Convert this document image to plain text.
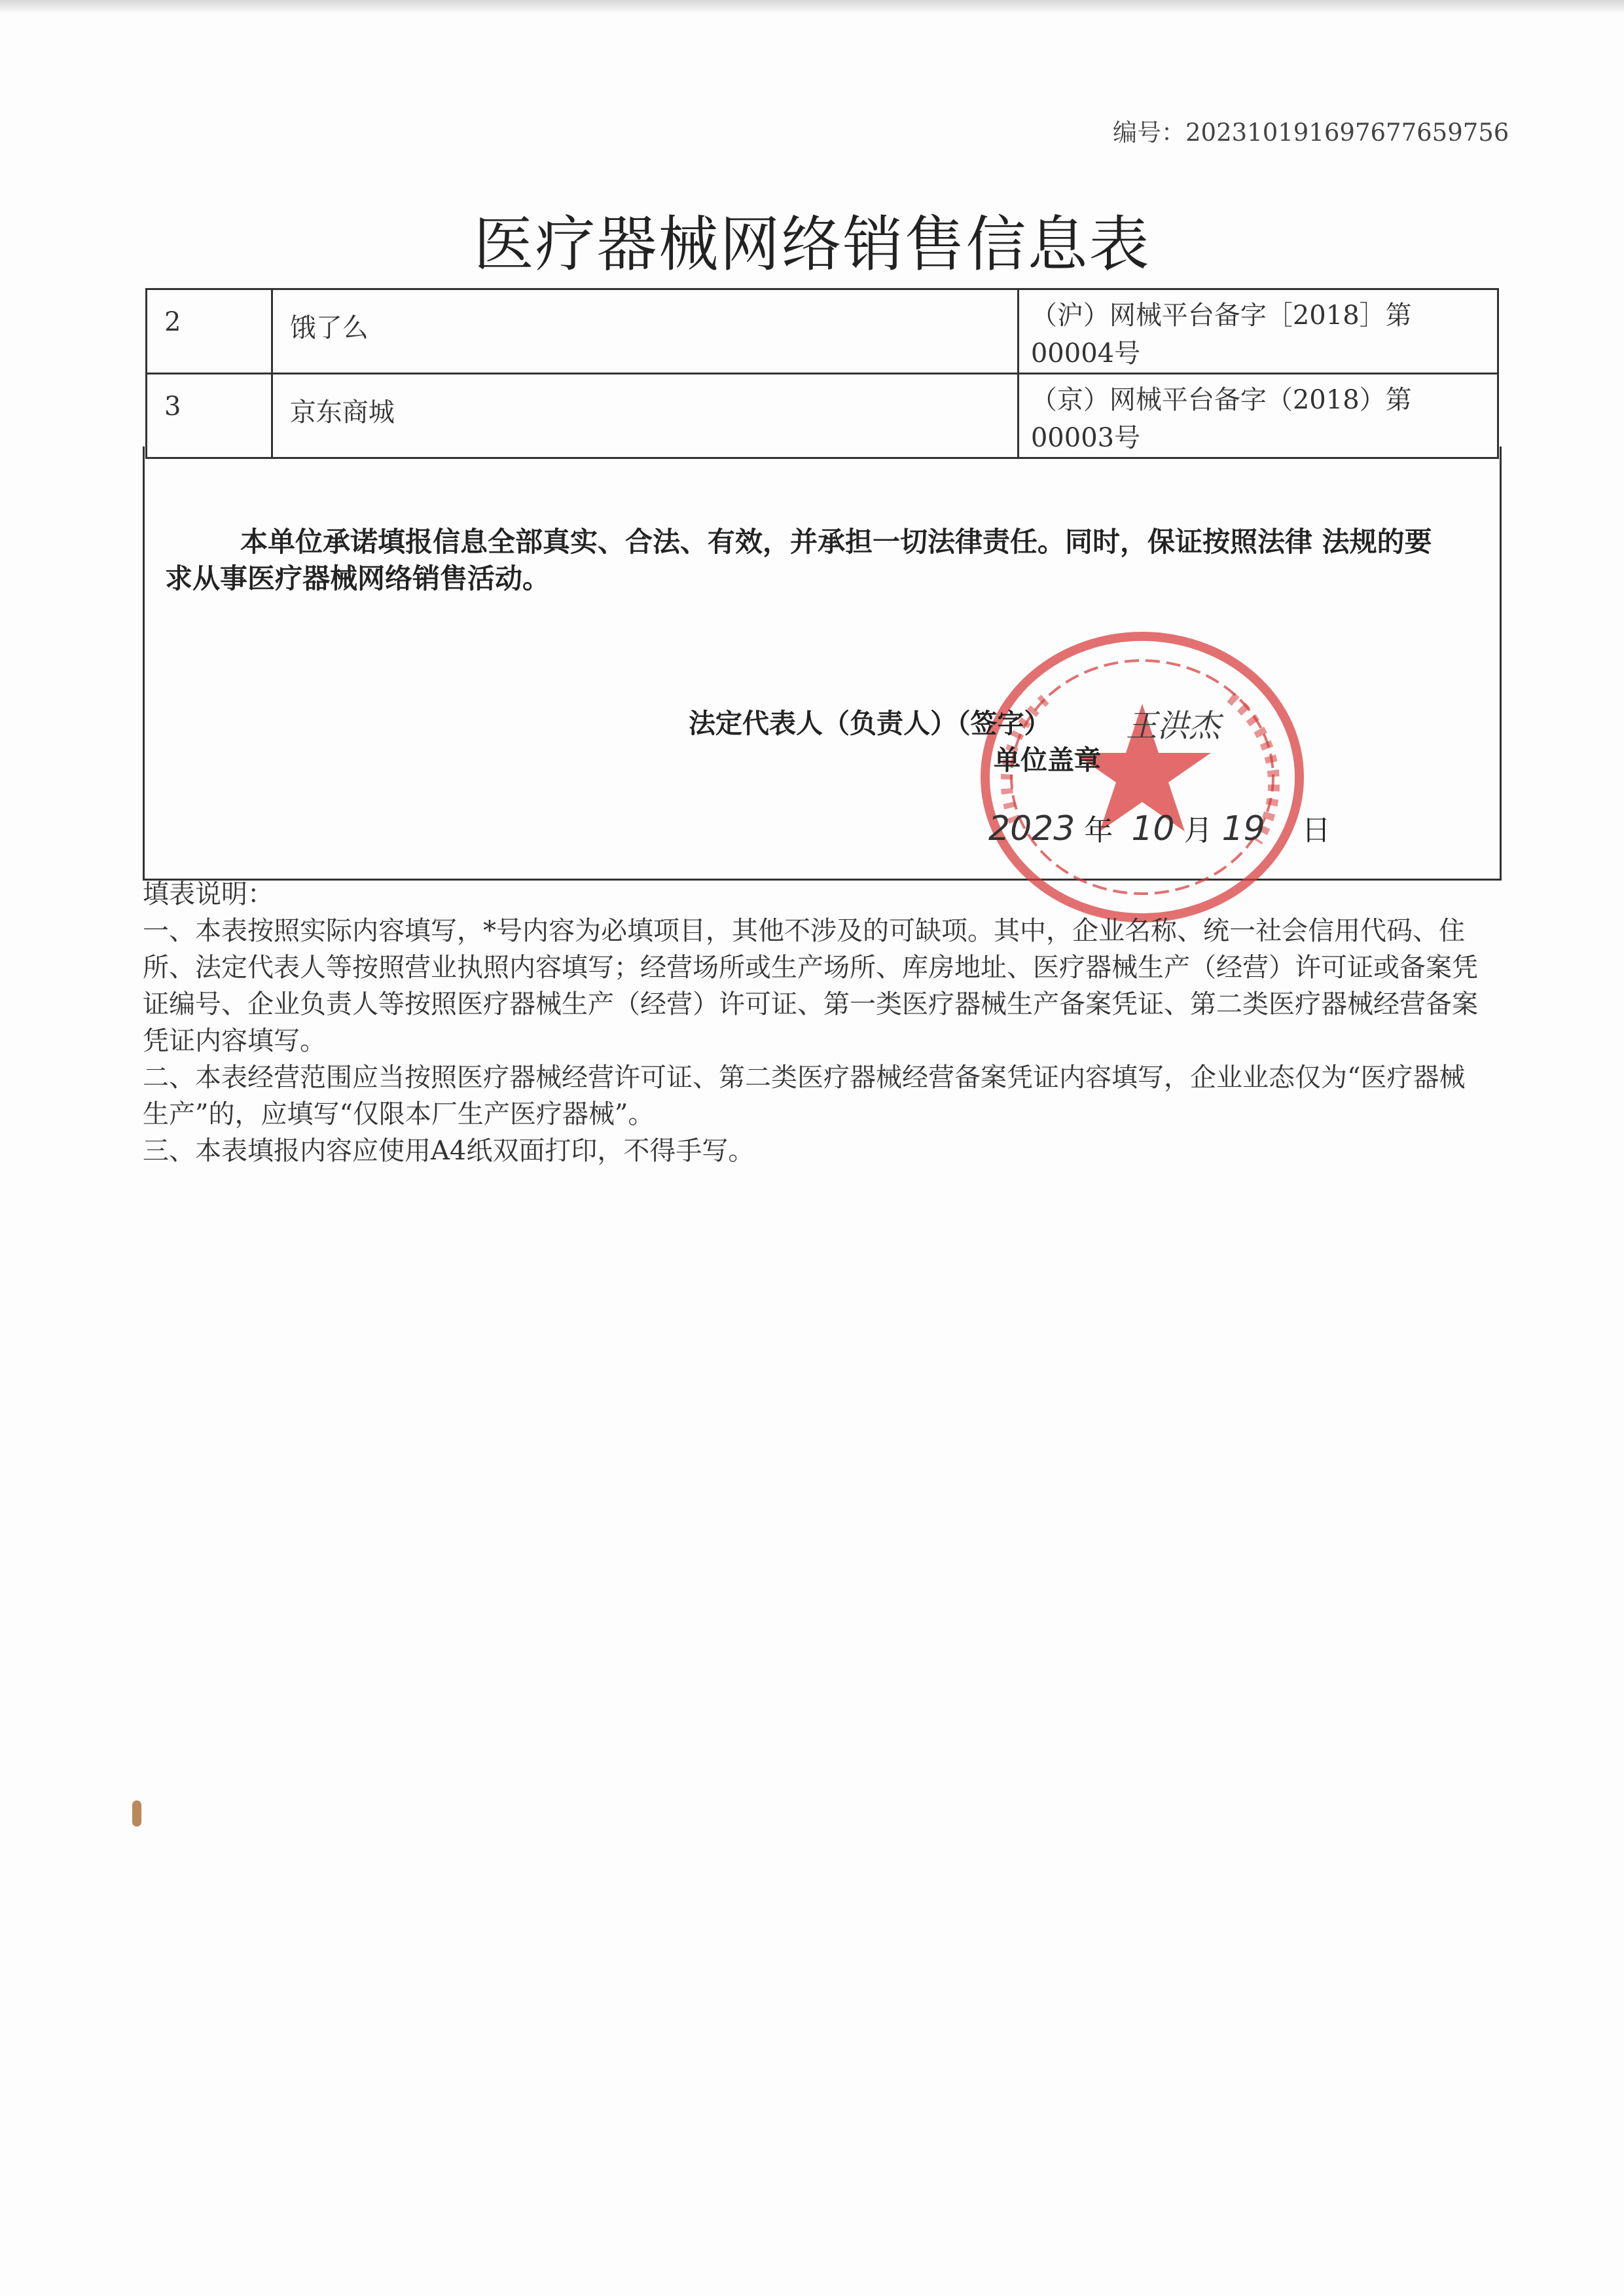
编号：20231019169767765975​6
医疗器械网络销售信息表
2	饿了么	（沪）网械平台备字［2018］第
00004号

3	京东商城	（京）网械平台备字（2018）第
00003号
本单位承诺填报信息全部真实、合法、有效，并承担一切法律责任。同时，保证按照法律 法规的要求从事医疗器械网络销售活动。
法定代表人（负责人）（签字） 王洪杰
单位盖章
2023 年 10 月 19 日

填表说明：

一、本表按照实际内容填写，*号内容为必填项目，其他不涉及的可缺项。其中，企业名称、统一社会信用代码、住所、法定代表人等按照营业执照内容填写；经营场所或生产场所、库房地址、医疗器械生产（经营）许可证或备案凭证编号、企业负责人等按照医疗器械生产（经营）许可证、第一类医疗器械生产备案凭证、第二类医疗器械经营备案凭证内容填写。

二、本表经营范围应当按照医疗器械经营许可证、第二类医疗器械经营备案凭证内容填写，企业业态仅为“医疗器械生产”的，应填写“仅限本厂生产医疗器械”。

三、本表填报内容应使用A4纸双面打印，不得手写。
